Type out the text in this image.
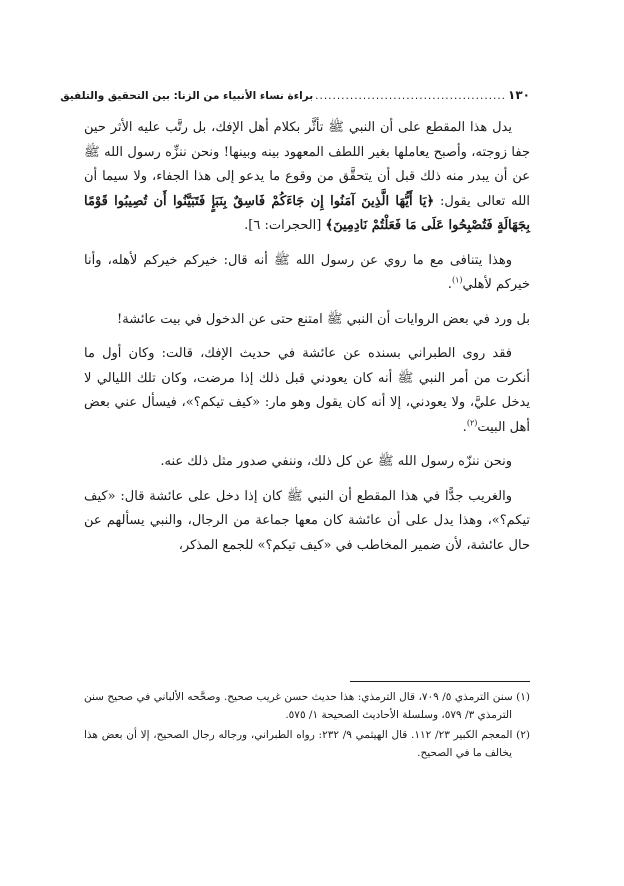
١٣٠
............................................
براءة نساء الأنبياء من الزنا: بين التحقيق والتلفيق

يدل هذا المقطع على أن النبي ﷺ تأثَّر بكلام أهل الإفك، بل رتَّب عليه الأثر حين جفا زوجته، وأصبح يعاملها بغير اللطف المعهود بينه وبينها! ونحن ننزِّه رسول الله ﷺ عن أن يبدر منه ذلك قبل أن يتحقَّق من وقوع ما يدعو إلى هذا الجفاء، ولا سيما أن الله تعالى يقول: ﴿يَا أَيُّهَا الَّذِينَ آمَنُوا إِن جَاءَكُمْ فَاسِقٌ بِنَبَإٍ فَتَبَيَّنُوا أَن تُصِيبُوا قَوْمًا بِجَهَالَةٍ فَتُصْبِحُوا عَلَى مَا فَعَلْتُمْ نَادِمِينَ﴾ [الحجرات: ٦].

وهذا يتنافى مع ما روي عن رسول الله ﷺ أنه قال: خيركم خيركم لأهله، وأنا خيركم لأهلي$^{(١)}$.

بل ورد في بعض الروايات أن النبي ﷺ امتنع حتى عن الدخول في بيت عائشة!

فقد روى الطبراني بسنده عن عائشة في حديث الإفك، قالت: وكان أول ما أنكرت من أمر النبي ﷺ أنه كان يعودني قبل ذلك إذا مرضت، وكان تلك الليالي لا يدخل عليَّ، ولا يعودني، إلا أنه كان يقول وهو مار: «كيف تيكم؟»، فيسأل عني بعض أهل البيت$^{(٢)}$.

ونحن ننزّه رسول الله ﷺ عن كل ذلك، وننفي صدور مثل ذلك عنه.

والغريب جدًّا في هذا المقطع أن النبي ﷺ كان إذا دخل على عائشة قال: «كيف تيكم؟»، وهذا يدل على أن عائشة كان معها جماعة من الرجال، والنبي يسألهم عن حال عائشة، لأن ضمير المخاطب في «كيف تيكم؟» للجمع المذكر،

(١) سنن الترمذي ٥/ ٧٠٩، قال الترمذي: هذا حديث حسن غريب صحيح. وصحَّحه الألباني في صحيح سنن الترمذي ٣/ ٥٧٩، وسلسلة الأحاديث الصحيحة ١/ ٥٧٥.

(٢) المعجم الكبير ٢٣/ ١١٢. قال الهيثمي ٩/ ٢٣٢: رواه الطبراني، ورجاله رجال الصحيح، إلا أن بعض هذا يخالف ما في الصحيح.
